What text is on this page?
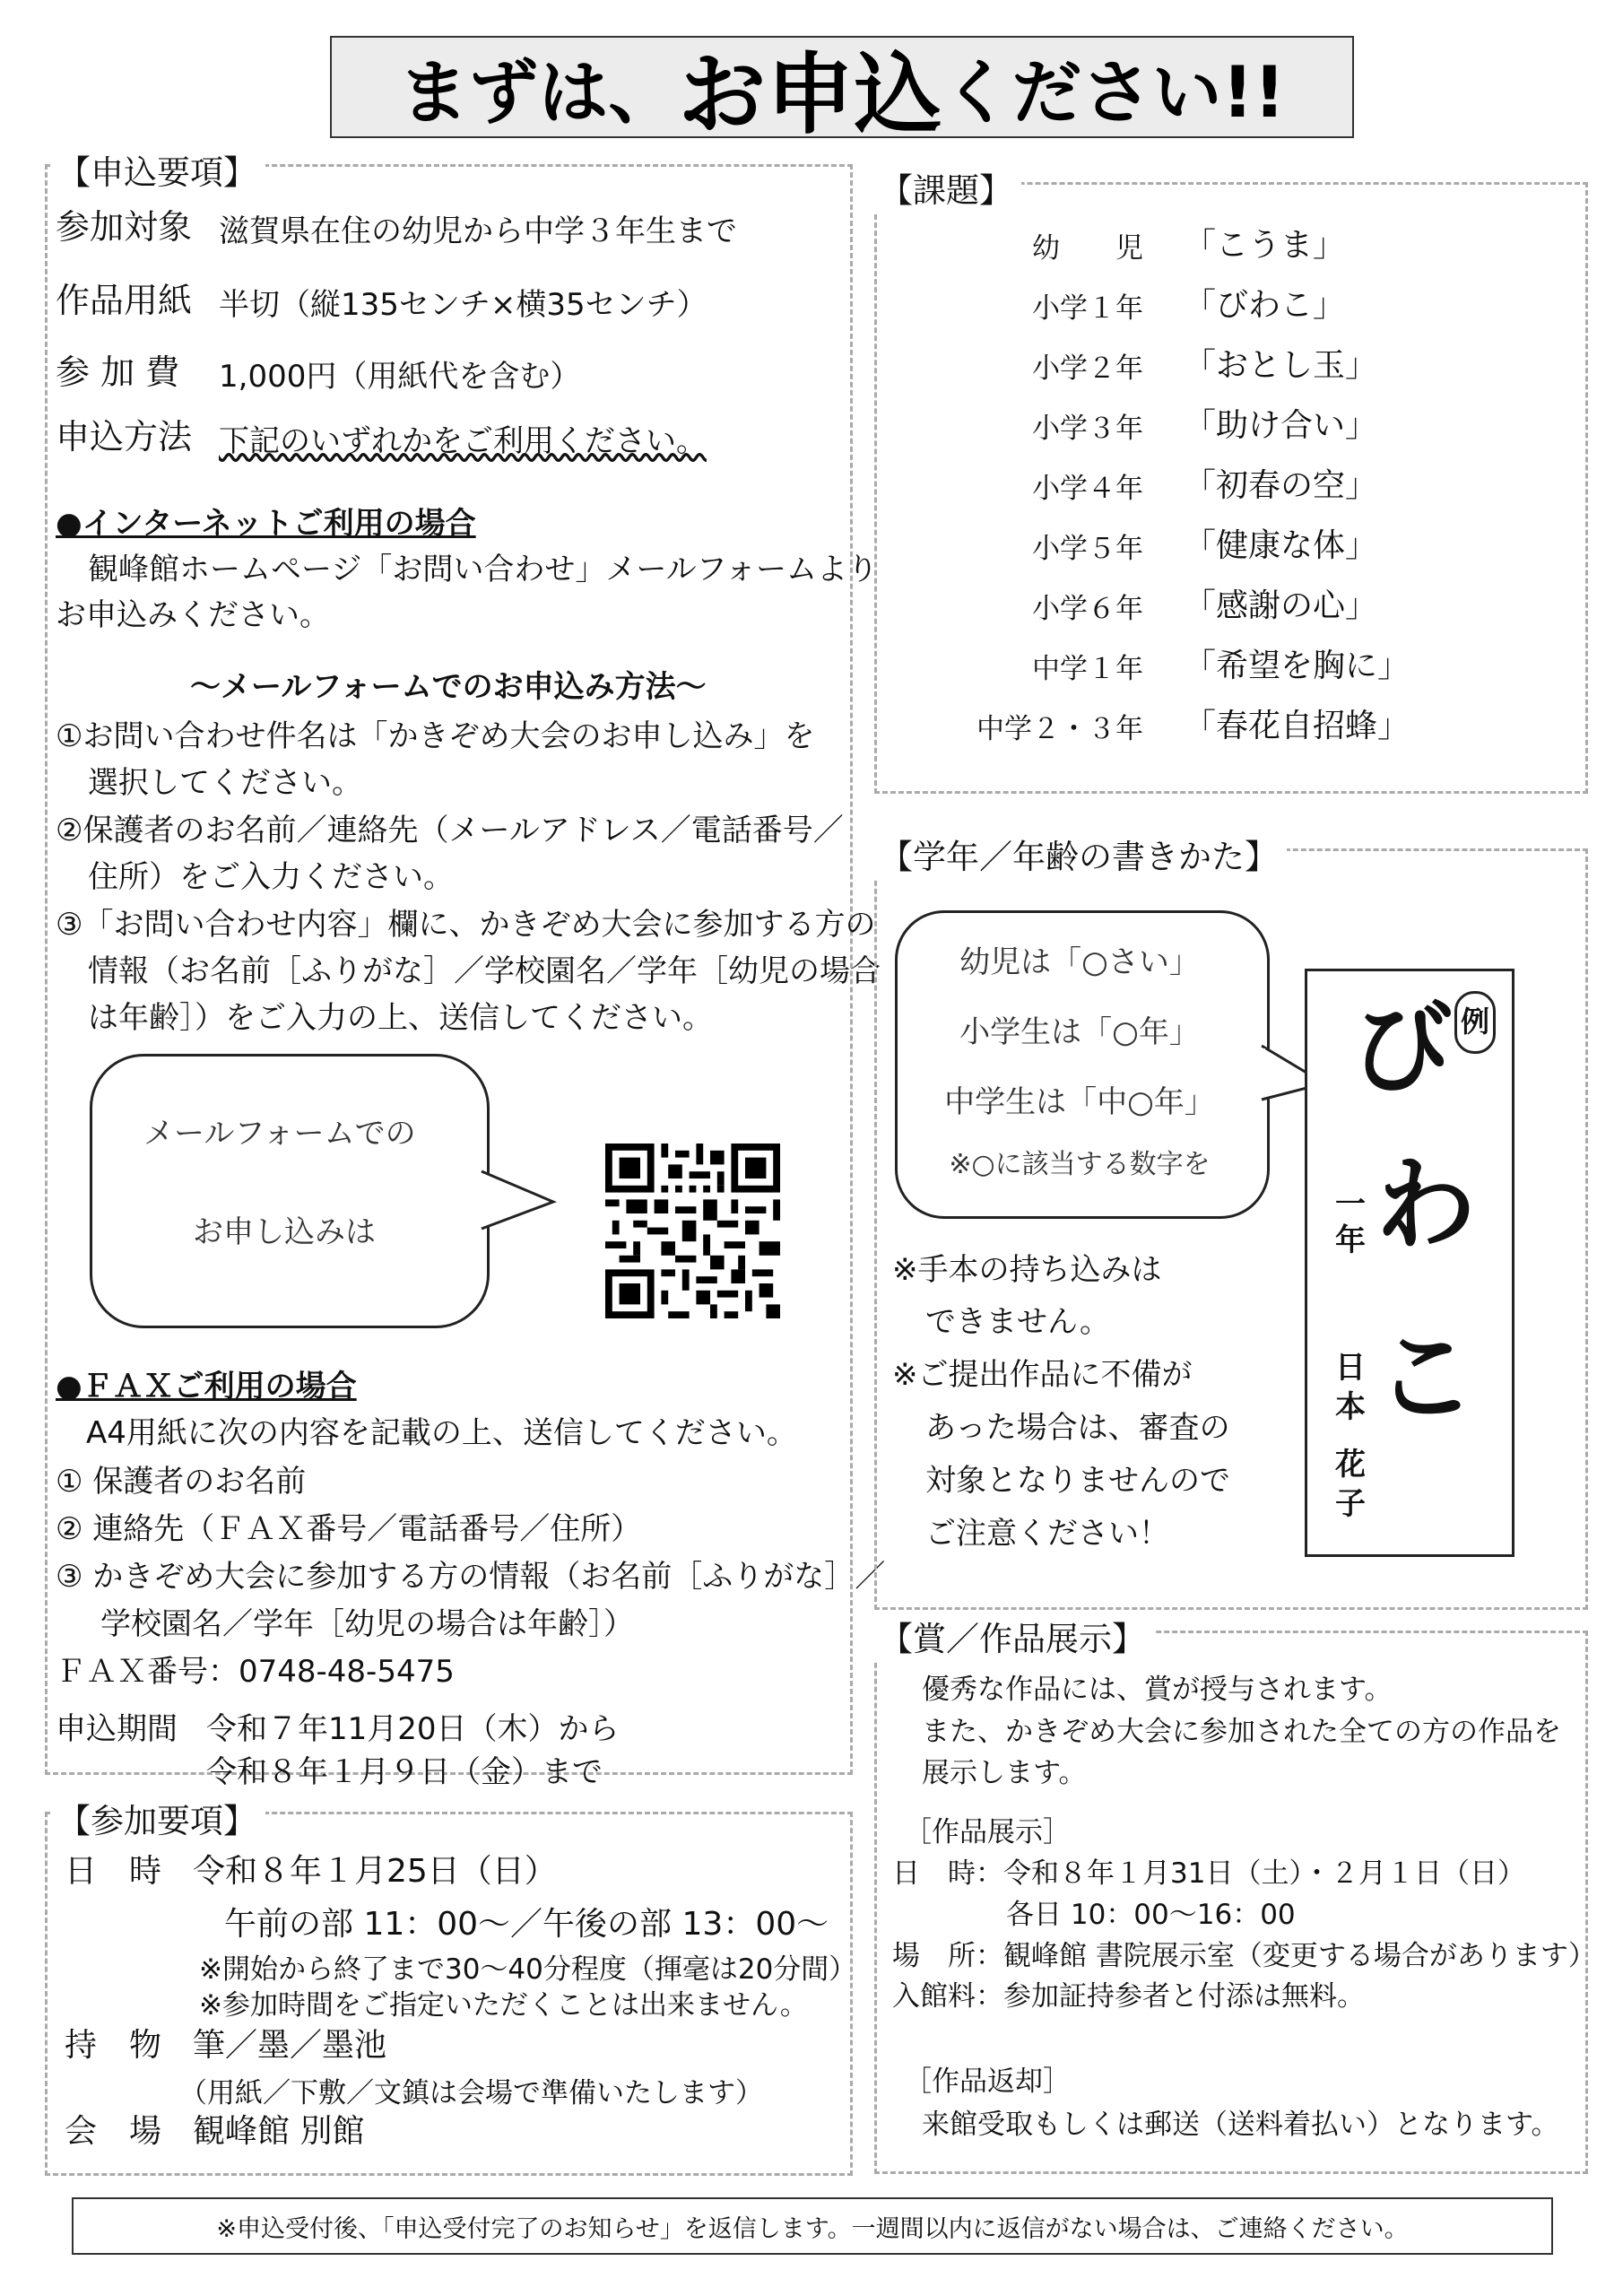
まずは、 お申込 ください!!
【申込要項】
参加対象 滋賀県在住の幼児から中学３年生まで
作品用紙 半切（縦135センチ×横35センチ）
参 加 費 1,000円（用紙代を含む）
申込方法 下記のいずれかをご利用ください。
●インターネットご利用の場合
観峰館ホームページ「お問い合わせ」メールフォームより
お申込みください。
～メールフォームでのお申込み方法～
①お問い合わせ件名は「かきぞめ大会のお申し込み」を
選択してください。
②保護者のお名前／連絡先（メールアドレス／電話番号／
住所）をご入力ください。
③「お問い合わせ内容」欄に、かきぞめ大会に参加する方の
情報（お名前［ふりがな］／学校園名／学年［幼児の場合
は年齢］）をご入力の上、送信してください。
メールフォームでの
お申し込みは
●ＦＡＸご利用の場合
A4用紙に次の内容を記載の上、送信してください。
① 保護者のお名前
② 連絡先（ＦＡＸ番号／電話番号／住所）
③ かきぞめ大会に参加する方の情報（お名前［ふりがな］／
学校園名／学年［幼児の場合は年齢］）
ＦＡＸ番号：0748-48-5475
申込期間 令和７年11月20日（木）から
令和８年１月９日（金）まで
【参加要項】
日　時 令和８年１月25日（日）
午前の部 11：00～／午後の部 13：00～
※開始から終了まで30～40分程度（揮毫は20分間）
※参加時間をご指定いただくことは出来ません。
持　物 筆／墨／墨池
（用紙／下敷／文鎮は会場で準備いたします）
会　場 観峰館 別館
【課題】
幼　　児 「こうま」
小学１年 「びわこ」
小学２年 「おとし玉」
小学３年 「助け合い」
小学４年 「初春の空」
小学５年 「健康な体」
小学６年 「感謝の心」
中学１年 「希望を胸に」
中学２・３年 「春花自招蜂」
【学年／年齢の書きかた】
幼児は「○さい」
小学生は「○年」
中学生は「中○年」
※○に該当する数字を
※手本の持ち込みは
できません。
※ご提出作品に不備が
あった場合は、審査の
対象となりませんので
ご注意ください！
例
び
わ
こ
一年
日本
花子
【賞／作品展示】
優秀な作品には、賞が授与されます。
また、かきぞめ大会に参加された全ての方の作品を
展示します。
［作品展示］
日　時：令和８年１月31日（土）・２月１日（日）
各日 10：00～16：00
場　所：観峰館 書院展示室（変更する場合があります）
入館料：参加証持参者と付添は無料。
［作品返却］
来館受取もしくは郵送（送料着払い）となります。
※申込受付後、「申込受付完了のお知らせ」を返信します。一週間以内に返信がない場合は、ご連絡ください。
